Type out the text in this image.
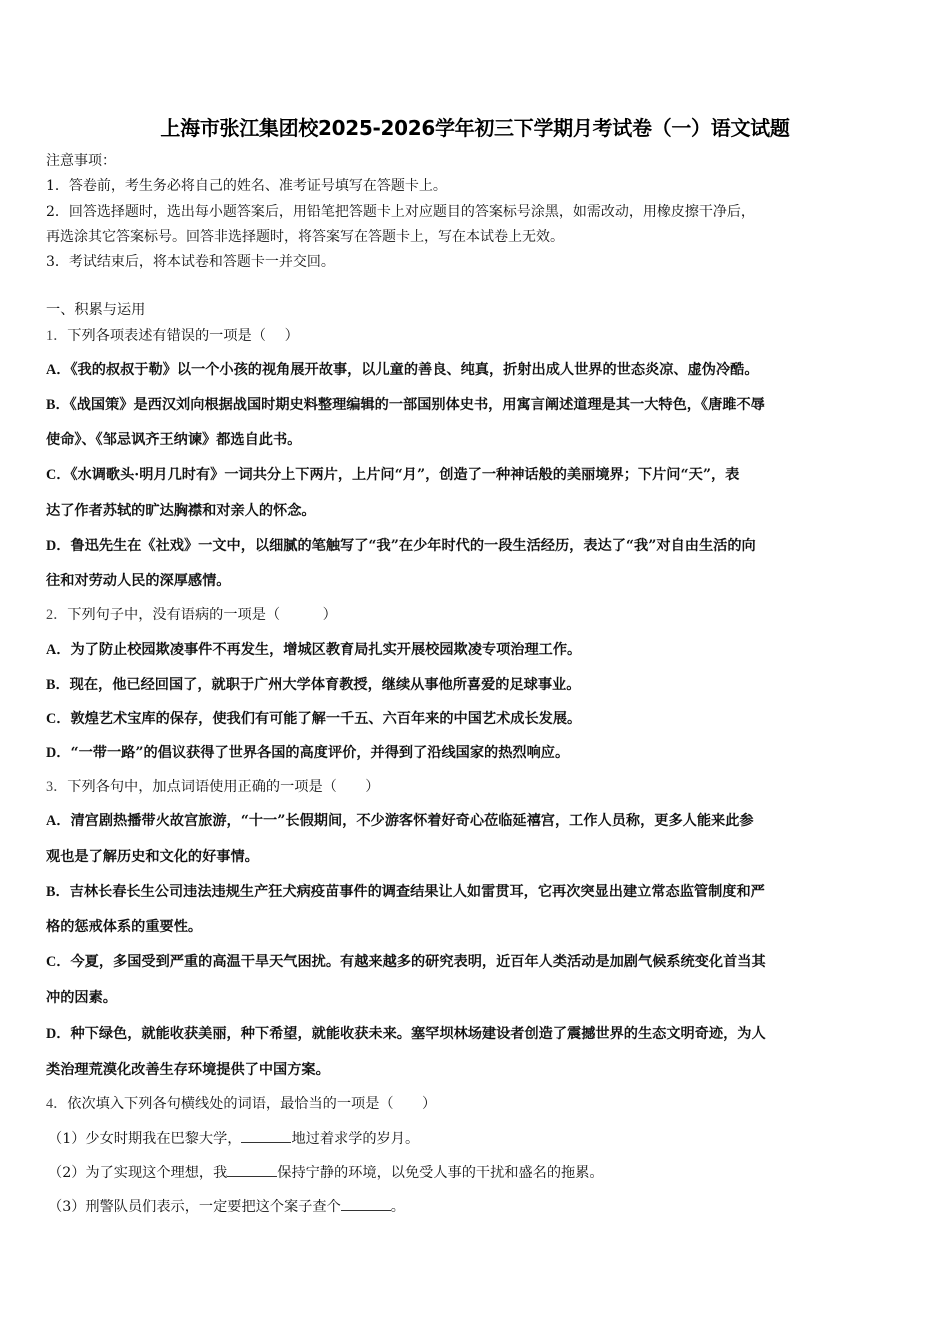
上海市张江集团校2025-2026学年初三下学期月考试卷（一）语文试题
注意事项：
1．答卷前，考生务必将自己的姓名、准考证号填写在答题卡上。
2．回答选择题时，选出每小题答案后，用铅笔把答题卡上对应题目的答案标号涂黑，如需改动，用橡皮擦干净后，
再选涂其它答案标号。回答非选择题时，将答案写在答题卡上，写在本试卷上无效。
3．考试结束后，将本试卷和答题卡一并交回。
一、积累与运用
1．下列各项表述有错误的一项是（　 ）
A．《我的叔叔于勒》以一个小孩的视角展开故事，以儿童的善良、纯真，折射出成人世界的世态炎凉、虚伪冷酷。
B．《战国策》是西汉刘向根据战国时期史料整理编辑的一部国别体史书，用寓言阐述道理是其一大特色，《唐雎不辱
使命》、《邹忌讽齐王纳谏》都选自此书。
C．《水调歌头·明月几时有》一词共分上下两片，上片问“月”，创造了一种神话般的美丽境界；下片问“天”，表
达了作者苏轼的旷达胸襟和对亲人的怀念。
D．鲁迅先生在《社戏》一文中，以细腻的笔触写了“我”在少年时代的一段生活经历，表达了“我”对自由生活的向
往和对劳动人民的深厚感情。
2．下列句子中，没有语病的一项是（　　　）
A．为了防止校园欺凌事件不再发生，增城区教育局扎实开展校园欺凌专项治理工作。
B．现在，他已经回国了，就职于广州大学体育教授，继续从事他所喜爱的足球事业。
C．敦煌艺术宝库的保存，使我们有可能了解一千五、六百年来的中国艺术成长发展。
D．“一带一路”的倡议获得了世界各国的高度评价，并得到了沿线国家的热烈响应。
3．下列各句中，加点词语使用正确的一项是（　　）
A．清宫剧热播带火故宫旅游，“十一”长假期间，不少游客怀着好奇心莅临延禧宫，工作人员称，更多人能来此参
观也是了解历史和文化的好事情。
B．吉林长春长生公司违法违规生产狂犬病疫苗事件的调查结果让人如雷贯耳，它再次突显出建立常态监管制度和严
格的惩戒体系的重要性。
C．今夏，多国受到严重的高温干旱天气困扰。有越来越多的研究表明，近百年人类活动是加剧气候系统变化首当其
冲的因素。
D．种下绿色，就能收获美丽，种下希望，就能收获未来。塞罕坝林场建设者创造了震撼世界的生态文明奇迹，为人
类治理荒漠化改善生存环境提供了中国方案。
4．依次填入下列各句横线处的词语，最恰当的一项是（　　）
（1）少女时期我在巴黎大学，	地过着求学的岁月。
（2）为了实现这个理想，我	保持宁静的环境，以免受人事的干扰和盛名的拖累。
（3）刑警队员们表示，一定要把这个案子查个	。
